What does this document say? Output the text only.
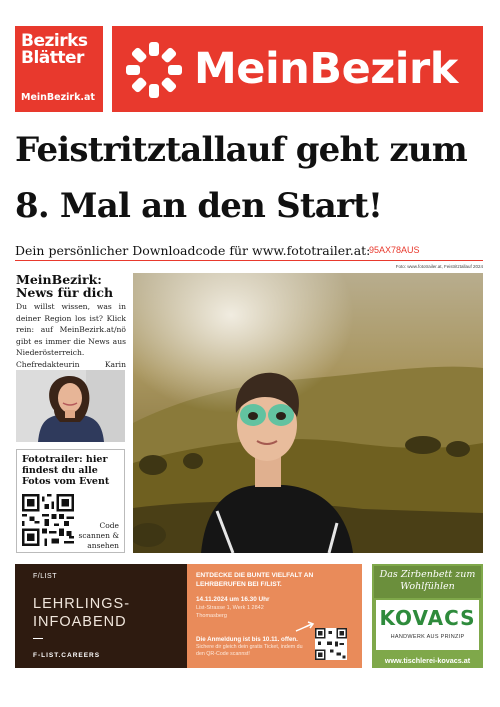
Bezirks
Blätter
MeinBezirk.at
MeinBezirk
Feistritztallauf geht zum 8. Mal an den Start!
Dein persönlicher Downloadcode für www.fototrailer.at:
95AX78AUS
Foto: www.fototrailer.at, Feistritztallauf 2024
MeinBezirk: News für dich
Du willst wissen, was in deiner Region los ist? Klick rein: auf MeinBezirk.at/nö gibt es immer die News aus Niederösterreich. Chefredakteurin Karin
Fototrailer: hier findest du alle Fotos vom Event
Code scannen & ansehen
F/LIST
LEHRLINGS-INFOABEND
F-LIST.CAREERS
ENTDECKE DIE BUNTE VIELFALT AN LEHRBERUFEN BEI F/LIST.
14.11.2024 um 16.30 Uhr
List-Strasse 1, Werk 1 2842 Thomasberg
Die Anmeldung ist bis 10.11. offen.
Sichere dir gleich dein gratis Ticket, indem du den QR-Code scannst!
Das Zirbenbett zum Wohlfühlen
KOVACS
HANDWERK AUS PRINZIP
www.tischlerei-kovacs.at
